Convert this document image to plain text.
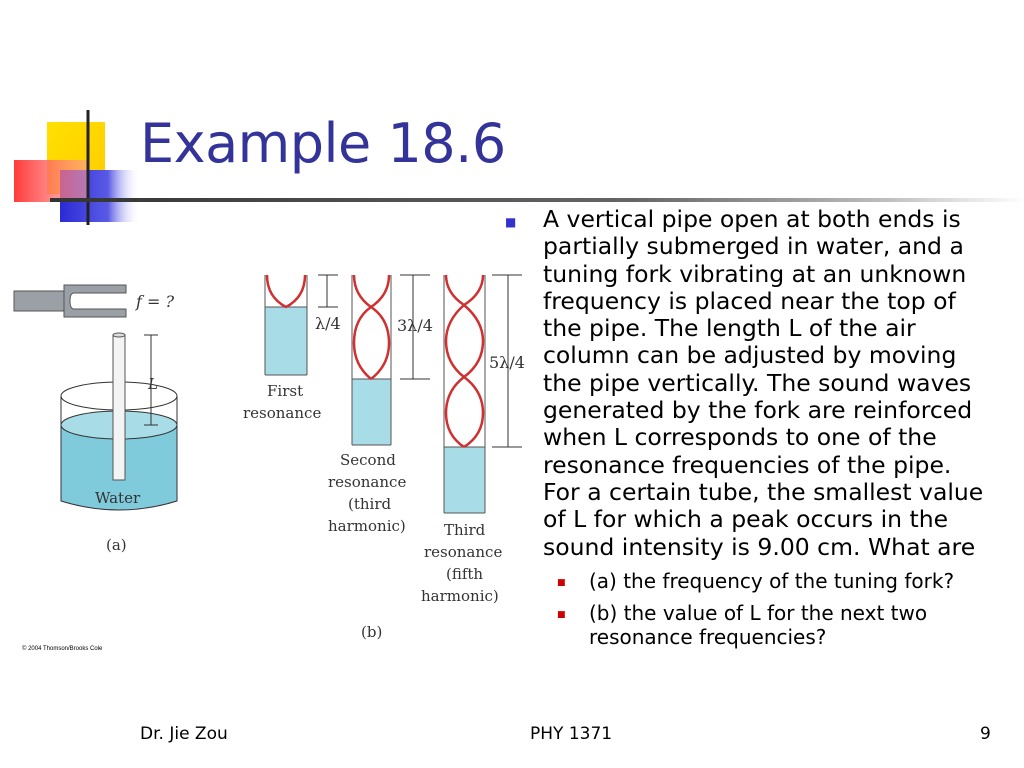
Example 18.6
f = ?
L
Water
(a)
λ/4
First
resonance
3λ/4
Second
resonance
(third
harmonic)
5λ/4
Third
resonance
(fifth
harmonic)
(b)
© 2004 Thomson/Brooks Cole
■	A vertical pipe open at both ends is partially submerged in water, and a tuning fork vibrating at an unknown frequency is placed near the top of the pipe. The length L of the air column can be adjusted by moving the pipe vertically. The sound waves generated by the fork are reinforced when L corresponds to one of the resonance frequencies of the pipe. For a certain tube, the smallest value of L for which a peak occurs in the sound intensity is 9.00 cm. What are
■	(a) the frequency of the tuning fork?
■	(b) the value of L for the next two resonance frequencies?
Dr. Jie Zou	PHY 1371	9
